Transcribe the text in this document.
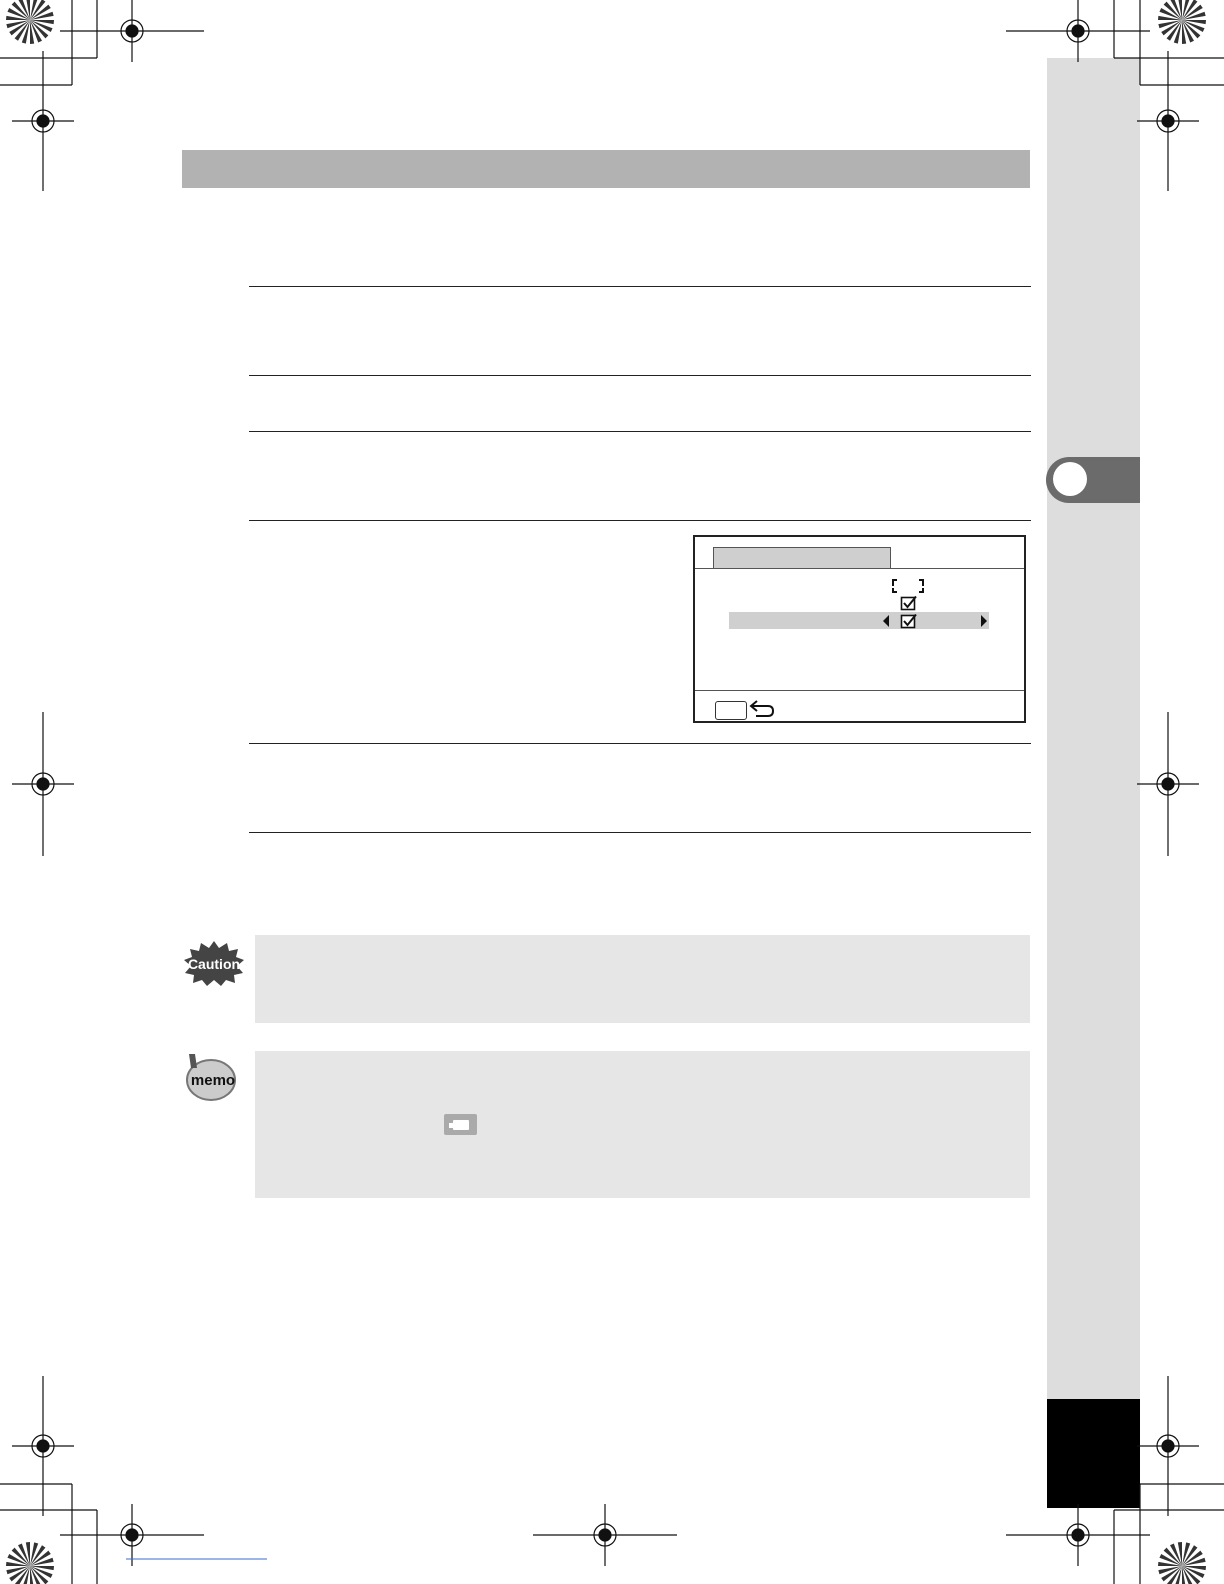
Caution
memo
